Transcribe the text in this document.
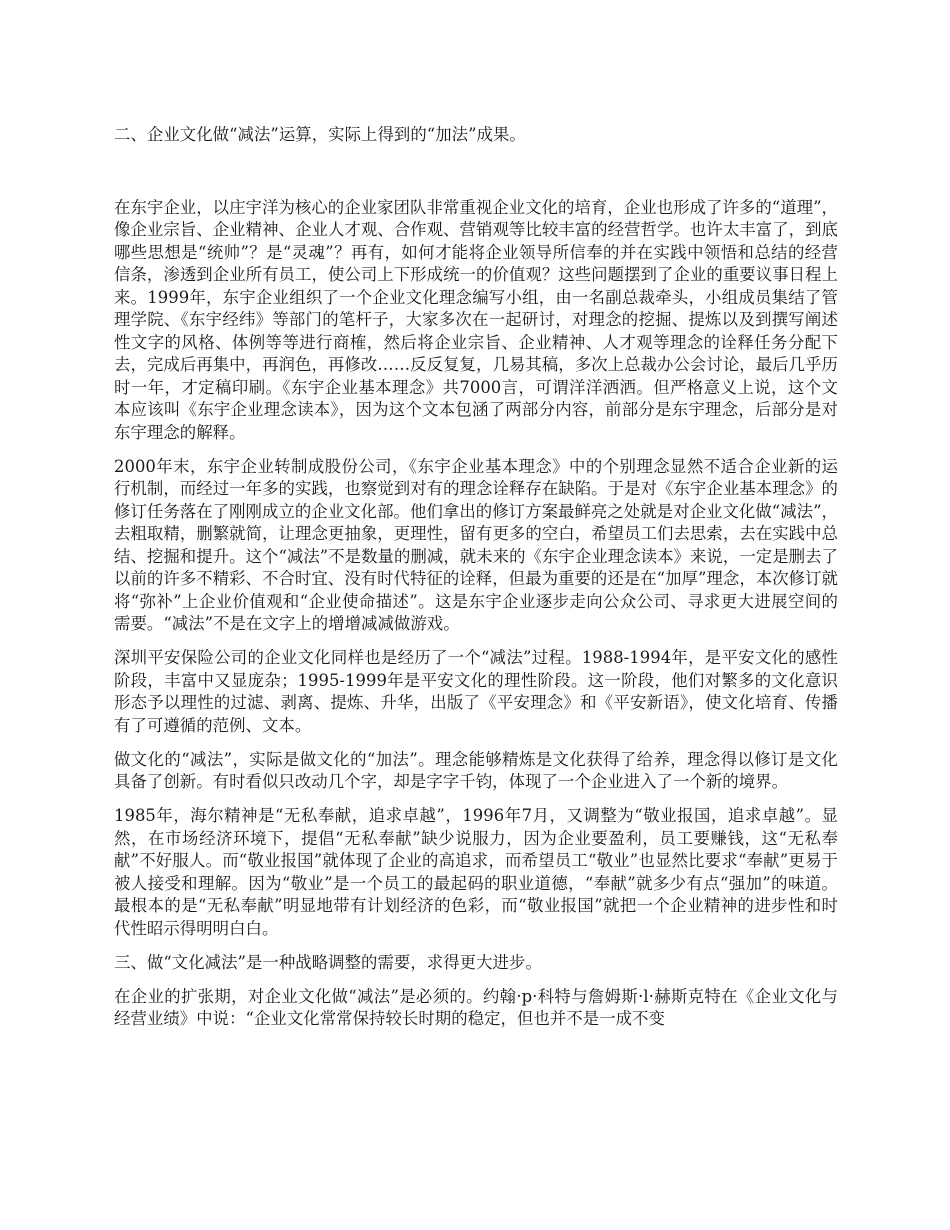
二、企业文化做“减法”运算，实际上得到的“加法”成果。

在东宇企业，以庄宇洋为核心的企业家团队非常重视企业文化的培育，企业也形成了许多的“道理”，像企业宗旨、企业精神、企业人才观、合作观、营销观等比较丰富的经营哲学。也许太丰富了，到底哪些思想是“统帅”？是“灵魂”？再有，如何才能将企业领导所信奉的并在实践中领悟和总结的经营信条，渗透到企业所有员工，使公司上下形成统一的价值观？这些问题摆到了企业的重要议事日程上来。1999年，东宇企业组织了一个企业文化理念编写小组，由一名副总裁牵头，小组成员集结了管理学院、《东宇经纬》等部门的笔杆子，大家多次在一起研讨，对理念的挖掘、提炼以及到撰写阐述性文字的风格、体例等等进行商榷，然后将企业宗旨、企业精神、人才观等理念的诠释任务分配下去，完成后再集中，再润色，再修改……反反复复，几易其稿，多次上总裁办公会讨论，最后几乎历时一年，才定稿印刷。《东宇企业基本理念》共7000言，可谓洋洋洒洒。但严格意义上说，这个文本应该叫《东宇企业理念读本》，因为这个文本包涵了两部分内容，前部分是东宇理念，后部分是对东宇理念的解释。

2000年末，东宇企业转制成股份公司，《东宇企业基本理念》中的个别理念显然不适合企业新的运行机制，而经过一年多的实践，也察觉到对有的理念诠释存在缺陷。于是对《东宇企业基本理念》的修订任务落在了刚刚成立的企业文化部。他们拿出的修订方案最鲜亮之处就是对企业文化做“减法”，去粗取精，删繁就简，让理念更抽象，更理性，留有更多的空白，希望员工们去思索，去在实践中总结、挖掘和提升。这个“减法”不是数量的删减，就未来的《东宇企业理念读本》来说，一定是删去了以前的许多不精彩、不合时宜、没有时代特征的诠释，但最为重要的还是在“加厚”理念，本次修订就将“弥补”上企业价值观和“企业使命描述”。这是东宇企业逐步走向公众公司、寻求更大进展空间的需要。“减法”不是在文字上的增增减减做游戏。

深圳平安保险公司的企业文化同样也是经历了一个“减法”过程。1988-1994年，是平安文化的感性阶段，丰富中又显庞杂；1995-1999年是平安文化的理性阶段。这一阶段，他们对繁多的文化意识形态予以理性的过滤、剥离、提炼、升华，出版了《平安理念》和《平安新语》，使文化培育、传播有了可遵循的范例、文本。

做文化的“减法”，实际是做文化的“加法”。理念能够精炼是文化获得了给养，理念得以修订是文化具备了创新。有时看似只改动几个字，却是字字千钧，体现了一个企业进入了一个新的境界。

1985年，海尔精神是“无私奉献，追求卓越”，1996年7月，又调整为“敬业报国，追求卓越”。显然，在市场经济环境下，提倡“无私奉献”缺少说服力，因为企业要盈利，员工要赚钱，这“无私奉献”不好服人。而“敬业报国”就体现了企业的高追求，而希望员工“敬业”也显然比要求“奉献”更易于被人接受和理解。因为“敬业”是一个员工的最起码的职业道德，“奉献”就多少有点“强加”的味道。最根本的是“无私奉献”明显地带有计划经济的色彩，而“敬业报国”就把一个企业精神的进步性和时代性昭示得明明白白。

三、做“文化减法”是一种战略调整的需要，求得更大进步。

在企业的扩张期，对企业文化做“减法”是必须的。约翰·p·科特与詹姆斯·l·赫斯克特在《企业文化与经营业绩》中说：“企业文化常常保持较长时期的稳定，但也并不是一成不变
